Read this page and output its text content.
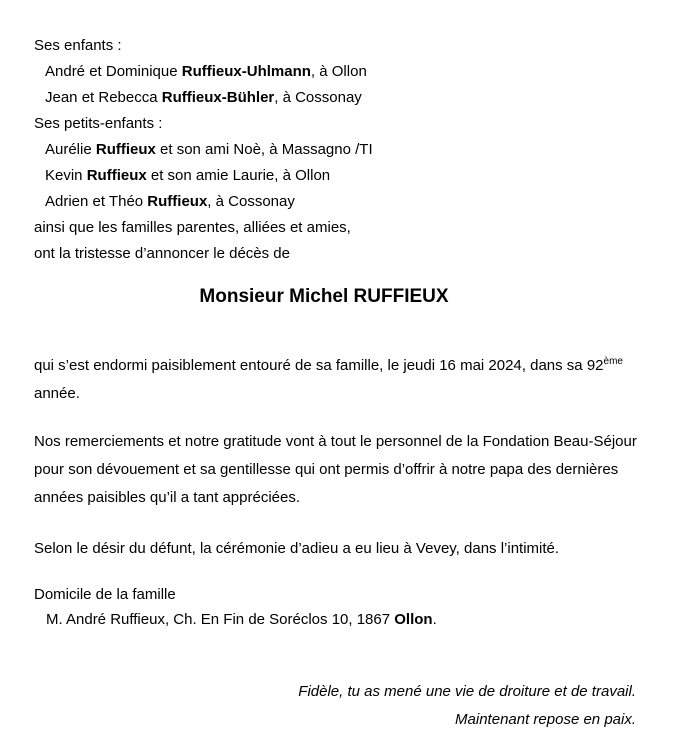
Ses enfants :
André et Dominique Ruffieux-Uhlmann, à Ollon
Jean et Rebecca Ruffieux-Bühler, à Cossonay
Ses petits-enfants :
Aurélie Ruffieux et son ami Noè, à Massagno /TI
Kevin Ruffieux et son amie Laurie, à Ollon
Adrien et Théo Ruffieux, à Cossonay
ainsi que les familles parentes, alliées et amies,
ont la tristesse d’annoncer le décès de
Monsieur Michel RUFFIEUX
qui s’est endormi paisiblement entouré de sa famille, le jeudi 16 mai 2024, dans sa 92ème
année.
Nos remerciements et notre gratitude vont à tout le personnel de la Fondation Beau-Séjour
pour son dévouement et sa gentillesse qui ont permis d’offrir à notre papa des dernières
années paisibles qu’il a tant appréciées.
Selon le désir du défunt, la cérémonie d’adieu a eu lieu à Vevey, dans l’intimité.
Domicile de la famille
M. André Ruffieux, Ch. En Fin de Soréclos 10, 1867 Ollon.
Fidèle, tu as mené une vie de droiture et de travail.
Maintenant repose en paix.
